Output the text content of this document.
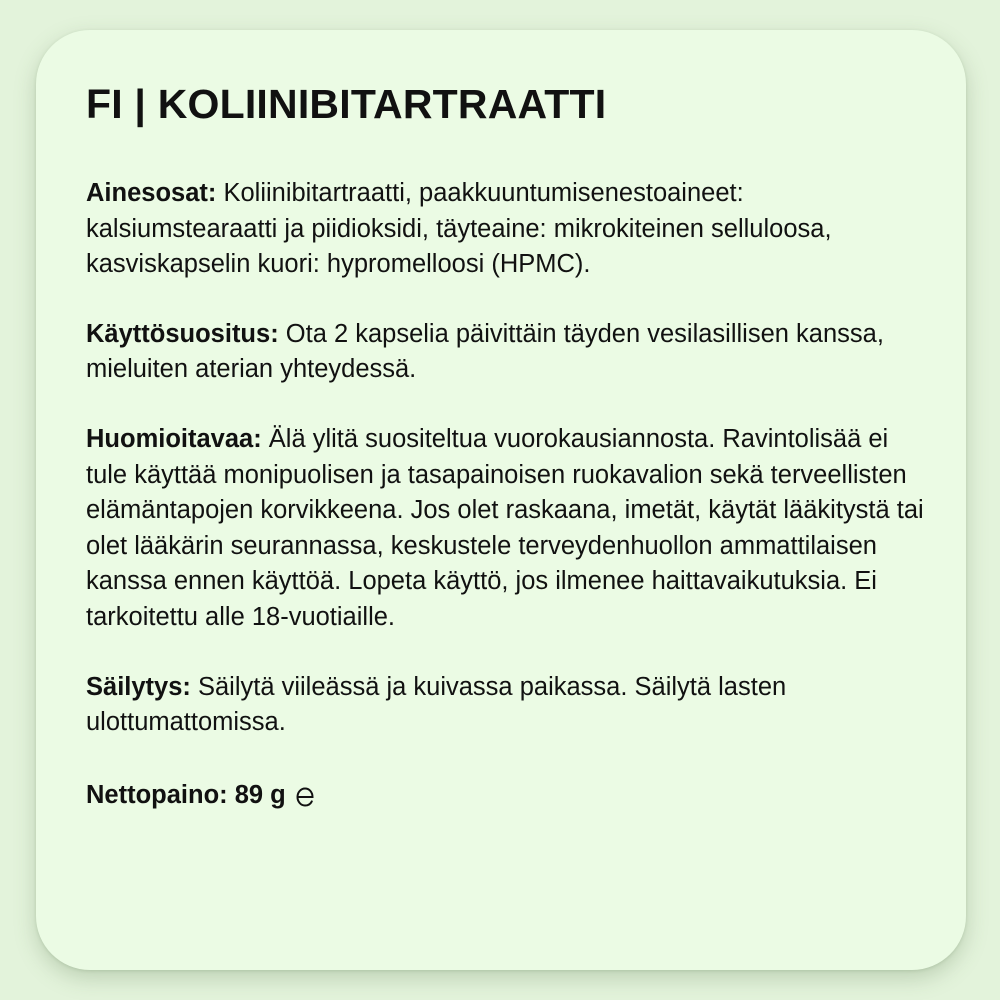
FI | KOLIINIBITARTRAATTI

Ainesosat: Koliinibitartraatti, paakkuuntumisenestoaineet: kalsiumstearaatti ja piidioksidi, täyteaine: mikrokiteinen selluloosa, kasviskapselin kuori: hypromelloosi (HPMC).

Käyttösuositus: Ota 2 kapselia päivittäin täyden vesilasillisen kanssa, mieluiten aterian yhteydessä.

Huomioitavaa: Älä ylitä suositeltua vuorokausiannosta. Ravintolisää ei tule käyttää monipuolisen ja tasapainoisen ruokavalion sekä terveellisten elämäntapojen korvikkeena. Jos olet raskaana, imetät, käytät lääkitystä tai olet lääkärin seurannassa, keskustele terveydenhuollon ammattilaisen kanssa ennen käyttöä. Lopeta käyttö, jos ilmenee haittavaikutuksia. Ei tarkoitettu alle 18-vuotiaille.

Säilytys: Säilytä viileässä ja kuivassa paikassa. Säilytä lasten ulottumattomissa.

Nettopaino: 89 g
